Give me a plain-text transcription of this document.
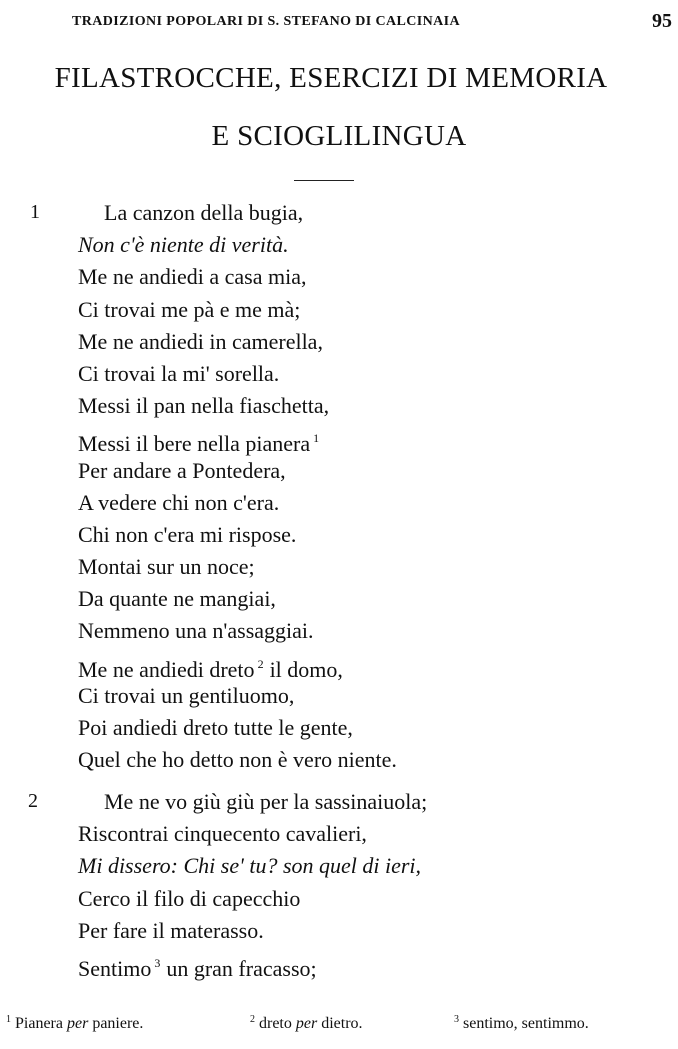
TRADIZIONI POPOLARI DI S. STEFANO DI CALCINAIA	95
FILASTROCCHE, ESERCIZI DI MEMORIA
E SCIOGLILINGUA
1	La canzon della bugia,
Non c'è niente di verità.
Me ne andiedi a casa mia,
Ci trovai me pà e me mà;
Me ne andiedi in camerella,
Ci trovai la mi' sorella.
Messi il pan nella fiaschetta,
Messi il bere nella pianera $^1$
Per andare a Pontedera,
A vedere chi non c'era.
Chi non c'era mi rispose.
Montai sur un noce;
Da quante ne mangiai,
Nemmeno una n'assaggiai.
Me ne andiedi dreto $^2$ il domo,
Ci trovai un gentiluomo,
Poi andiedi dreto tutte le gente,
Quel che ho detto non è vero niente.
2	Me ne vo giù giù per la sassinaiuola;
Riscontrai cinquecento cavalieri,
Mi dissero: Chi se' tu? son quel di ieri,
Cerco il filo di capecchio
Per fare il materasso.
Sentimo $^3$ un gran fracasso;
$^1$ Pianera per paniere.	$^2$ dreto per dietro.	$^3$ sentimo, sentimmo.
